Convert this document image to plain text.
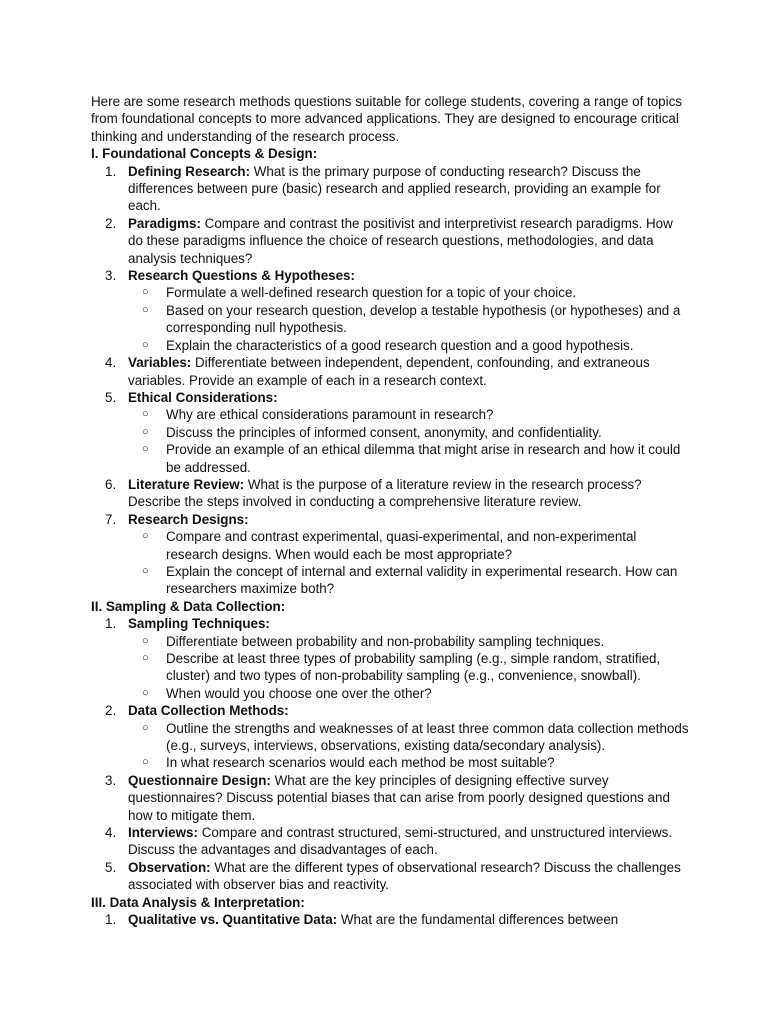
Here are some research methods questions suitable for college students, covering a range of topics from foundational concepts to more advanced applications. They are designed to encourage critical thinking and understanding of the research process.

I. Foundational Concepts & Design:

1. Defining Research: What is the primary purpose of conducting research? Discuss the differences between pure (basic) research and applied research, providing an example for each.
2. Paradigms: Compare and contrast the positivist and interpretivist research paradigms. How do these paradigms influence the choice of research questions, methodologies, and data analysis techniques?
3. Research Questions & Hypotheses:
○ Formulate a well-defined research question for a topic of your choice.
○ Based on your research question, develop a testable hypothesis (or hypotheses) and a corresponding null hypothesis.
○ Explain the characteristics of a good research question and a good hypothesis.
4. Variables: Differentiate between independent, dependent, confounding, and extraneous variables. Provide an example of each in a research context.
5. Ethical Considerations:
○ Why are ethical considerations paramount in research?
○ Discuss the principles of informed consent, anonymity, and confidentiality.
○ Provide an example of an ethical dilemma that might arise in research and how it could be addressed.
6. Literature Review: What is the purpose of a literature review in the research process? Describe the steps involved in conducting a comprehensive literature review.
7. Research Designs:
○ Compare and contrast experimental, quasi-experimental, and non-experimental research designs. When would each be most appropriate?
○ Explain the concept of internal and external validity in experimental research. How can researchers maximize both?

II. Sampling & Data Collection:

1. Sampling Techniques:
○ Differentiate between probability and non-probability sampling techniques.
○ Describe at least three types of probability sampling (e.g., simple random, stratified, cluster) and two types of non-probability sampling (e.g., convenience, snowball).
○ When would you choose one over the other?
2. Data Collection Methods:
○ Outline the strengths and weaknesses of at least three common data collection methods (e.g., surveys, interviews, observations, existing data/secondary analysis).
○ In what research scenarios would each method be most suitable?
3. Questionnaire Design: What are the key principles of designing effective survey questionnaires? Discuss potential biases that can arise from poorly designed questions and how to mitigate them.
4. Interviews: Compare and contrast structured, semi-structured, and unstructured interviews. Discuss the advantages and disadvantages of each.
5. Observation: What are the different types of observational research? Discuss the challenges associated with observer bias and reactivity.

III. Data Analysis & Interpretation:

1. Qualitative vs. Quantitative Data: What are the fundamental differences between
